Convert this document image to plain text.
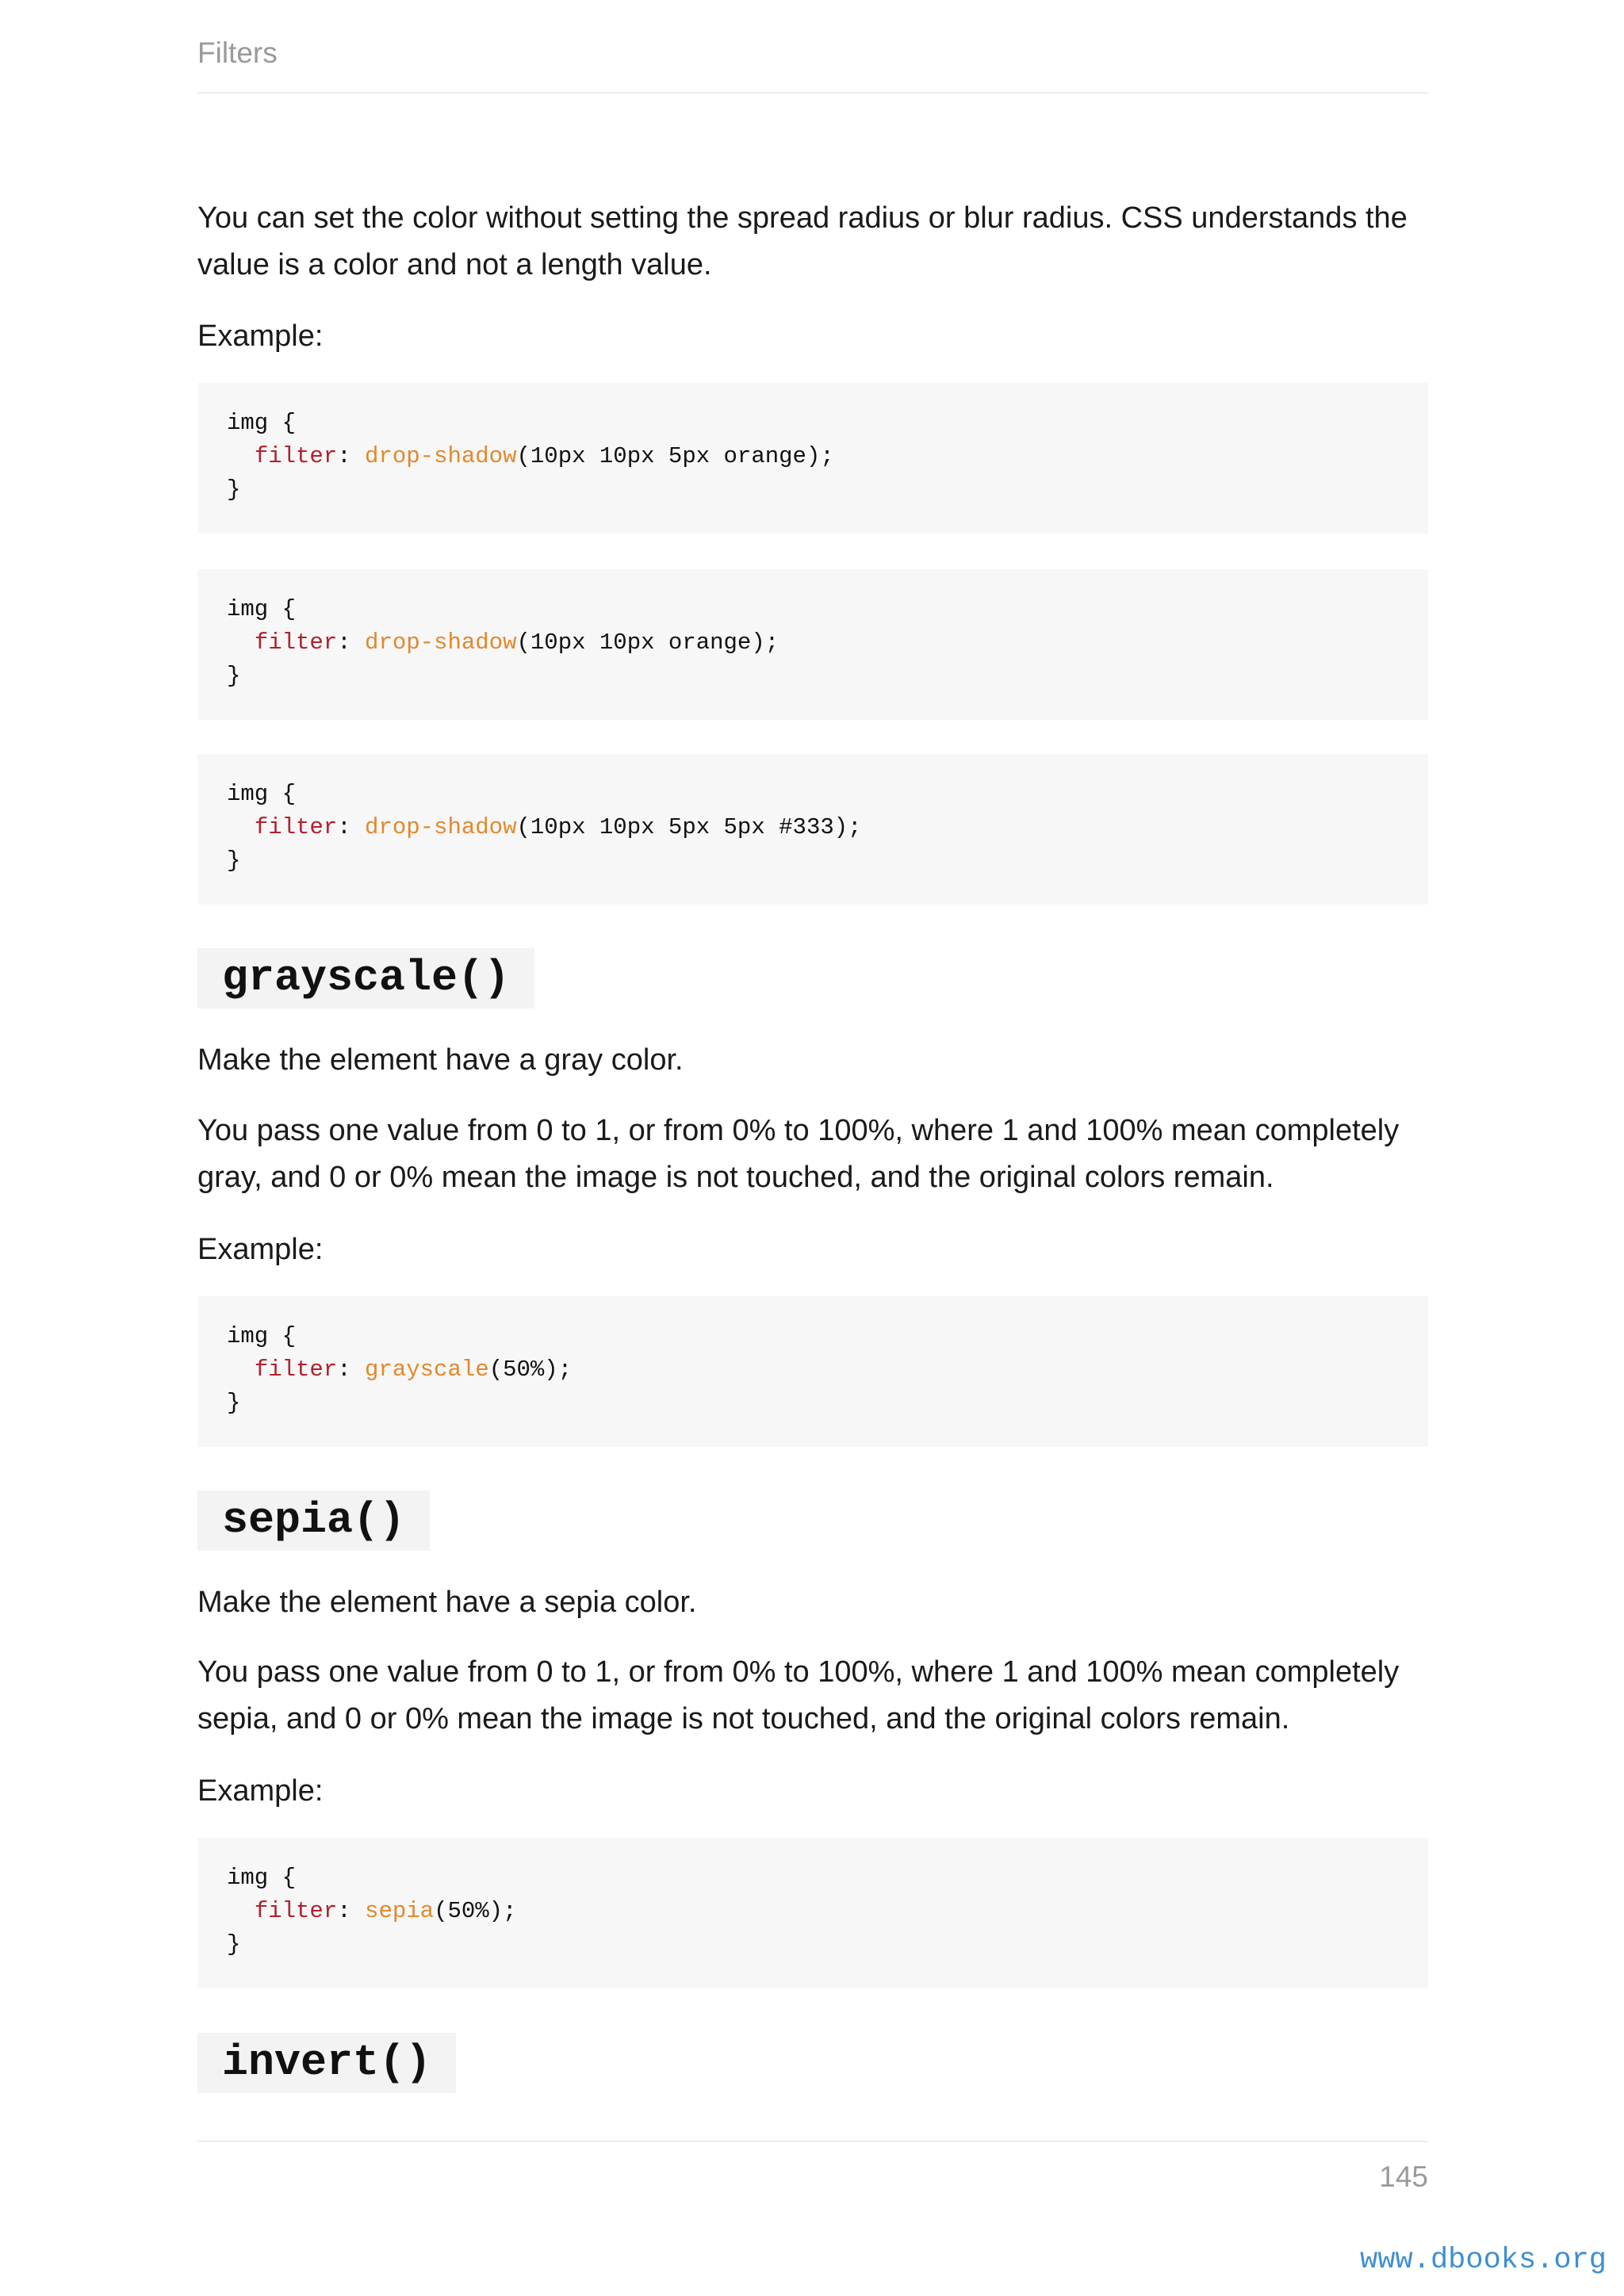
Filters

You can set the color without setting the spread radius or blur radius. CSS understands the value is a color and not a length value.

Example:

img {
filter: drop-shadow(10px 10px 5px orange);
}
img {
filter: drop-shadow(10px 10px orange);
}
img {
filter: drop-shadow(10px 10px 5px 5px #333);
}
grayscale()

Make the element have a gray color.

You pass one value from 0 to 1, or from 0% to 100%, where 1 and 100% mean completely gray, and 0 or 0% mean the image is not touched, and the original colors remain.

Example:

img {
filter: grayscale(50%);
}
sepia()

Make the element have a sepia color.

You pass one value from 0 to 1, or from 0% to 100%, where 1 and 100% mean completely sepia, and 0 or 0% mean the image is not touched, and the original colors remain.

Example:

img {
filter: sepia(50%);
}
invert()
145
www.dbooks.org
